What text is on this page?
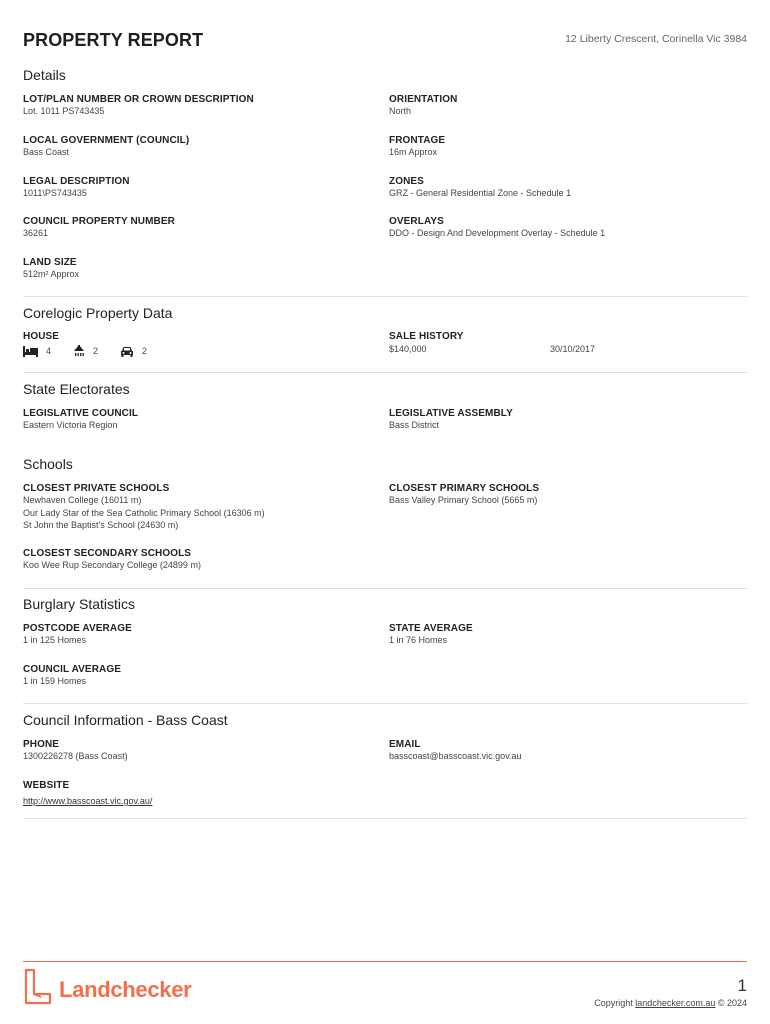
PROPERTY REPORT	12 Liberty Crescent, Corinella Vic 3984
Details
LOT/PLAN NUMBER OR CROWN DESCRIPTION
Lot. 1011 PS743435
ORIENTATION
North
LOCAL GOVERNMENT (COUNCIL)
Bass Coast
FRONTAGE
16m Approx
LEGAL DESCRIPTION
1011\PS743435
ZONES
GRZ - General Residential Zone - Schedule 1
COUNCIL PROPERTY NUMBER
36261
OVERLAYS
DDO - Design And Development Overlay - Schedule 1
LAND SIZE
512m² Approx
Corelogic Property Data
HOUSE
4	2	2
SALE HISTORY
$140,000	30/10/2017
State Electorates
LEGISLATIVE COUNCIL
Eastern Victoria Region
LEGISLATIVE ASSEMBLY
Bass District
Schools
CLOSEST PRIVATE SCHOOLS
Newhaven College (16011 m)
Our Lady Star of the Sea Catholic Primary School (16306 m)
St John the Baptist's School (24630 m)
CLOSEST PRIMARY SCHOOLS
Bass Valley Primary School (5665 m)
CLOSEST SECONDARY SCHOOLS
Koo Wee Rup Secondary College (24899 m)
Burglary Statistics
POSTCODE AVERAGE
1 in 125 Homes
STATE AVERAGE
1 in 76 Homes
COUNCIL AVERAGE
1 in 159 Homes
Council Information - Bass Coast
PHONE
1300226278 (Bass Coast)
EMAIL
basscoast@basscoast.vic.gov.au
WEBSITE
http://www.basscoast.vic.gov.au/
Landchecker	1
Copyright landchecker.com.au © 2024
